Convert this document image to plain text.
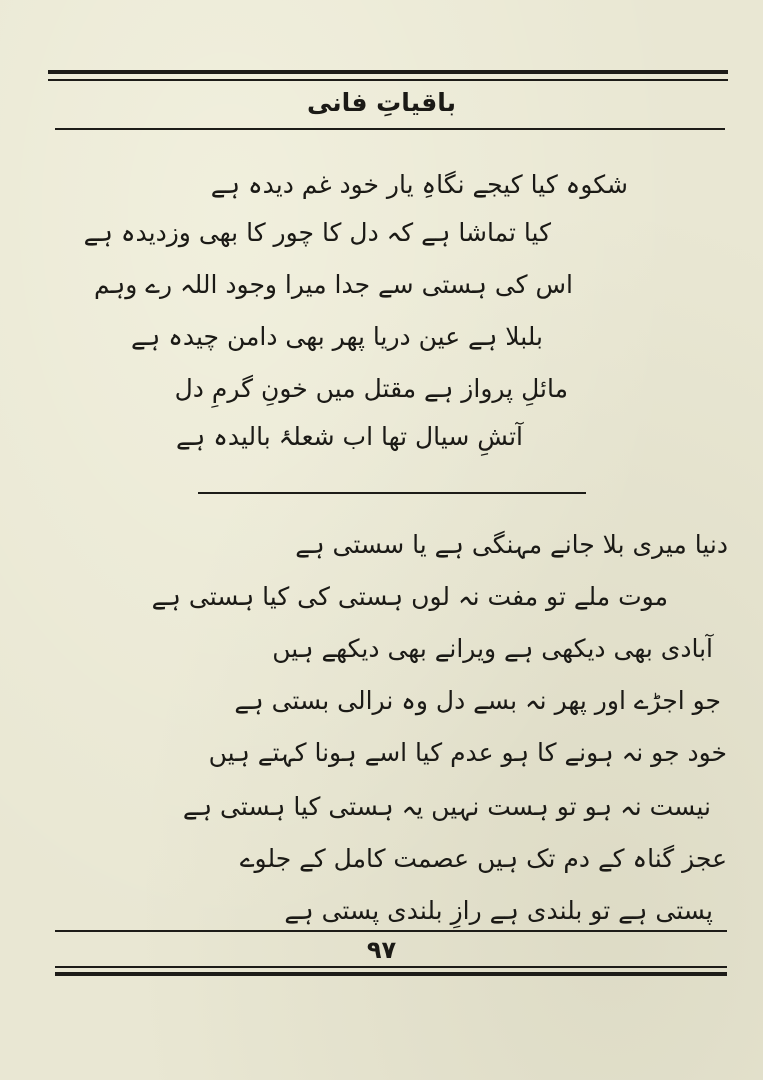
باقیاتِ فانی
شکوہ کیا کیجے نگاہِ یار خود غم دیدہ ہے
کیا تماشا ہے کہ دل کا چور کا بھی وزدیدہ ہے
اس کی ہستی سے جدا میرا وجود اللہ رے وہم
بلبلا ہے عین دریا پھر بھی دامن چیدہ ہے
مائلِ پرواز ہے مقتل میں خونِ گرمِ دل
آتشِ سیال تھا اب شعلۂ بالیدہ ہے
دنیا میری بلا جانے مہنگی ہے یا سستی ہے
موت ملے تو مفت نہ لوں ہستی کی کیا ہستی ہے
آبادی بھی دیکھی ہے ویرانے بھی دیکھے ہیں
جو اجڑے اور پھر نہ بسے دل وہ نرالی بستی ہے
خود جو نہ ہونے کا ہو عدم کیا اسے ہونا کہتے ہیں
نیست نہ ہو تو ہست نہیں یہ ہستی کیا ہستی ہے
عجز گناہ کے دم تک ہیں عصمت کامل کے جلوے
پستی ہے تو بلندی ہے رازِ بلندی پستی ہے
۹۷
